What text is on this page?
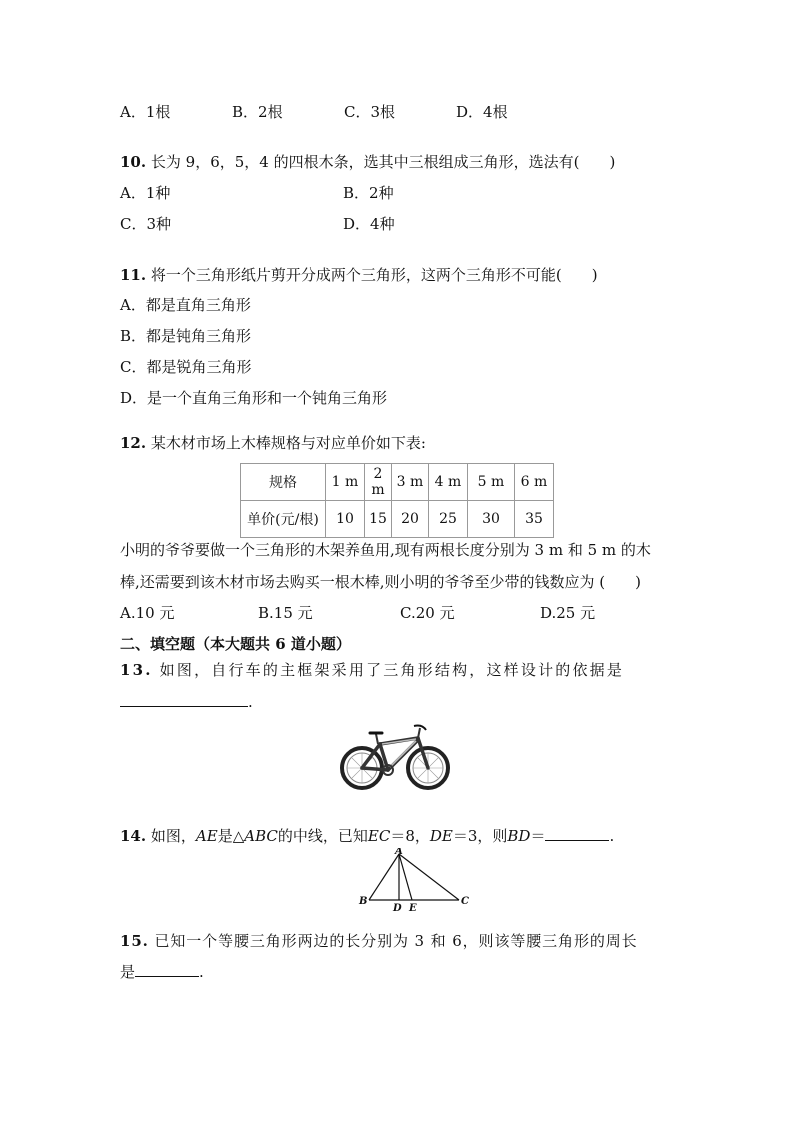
A．1根	B．2根	C．3根	D．4根
10. 长为 9，6，5，4 的四根木条，选其中三根组成三角形，选法有(　　)
A．1种	B．2种
C．3种	D．4种
11. 将一个三角形纸片剪开分成两个三角形，这两个三角形不可能(　　)
A．都是直角三角形
B．都是钝角三角形
C．都是锐角三角形
D．是一个直角三角形和一个钝角三角形
12. 某木材市场上木棒规格与对应单价如下表:
规格	1 m	2 m	3 m	4 m	5 m	6 m
单价(元/根)	10	15	20	25	30	35
小明的爷爷要做一个三角形的木架养鱼用,现有两根长度分别为 3 m 和 5 m 的木
棒,还需要到该木材市场去购买一根木棒,则小明的爷爷至少带的钱数应为 (　　)
A.10 元	B.15 元	C.20 元	D.25 元
二、填空题（本大题共 6 道小题）
13. 如图，自行车的主框架采用了三角形结构，这样设计的依据是
.
14. 如图，AE是△ABC的中线，已知EC＝8，DE＝3，则BD＝	.
A
B	C
D E
15. 已知一个等腰三角形两边的长分别为 3 和 6，则该等腰三角形的周长
是	.
